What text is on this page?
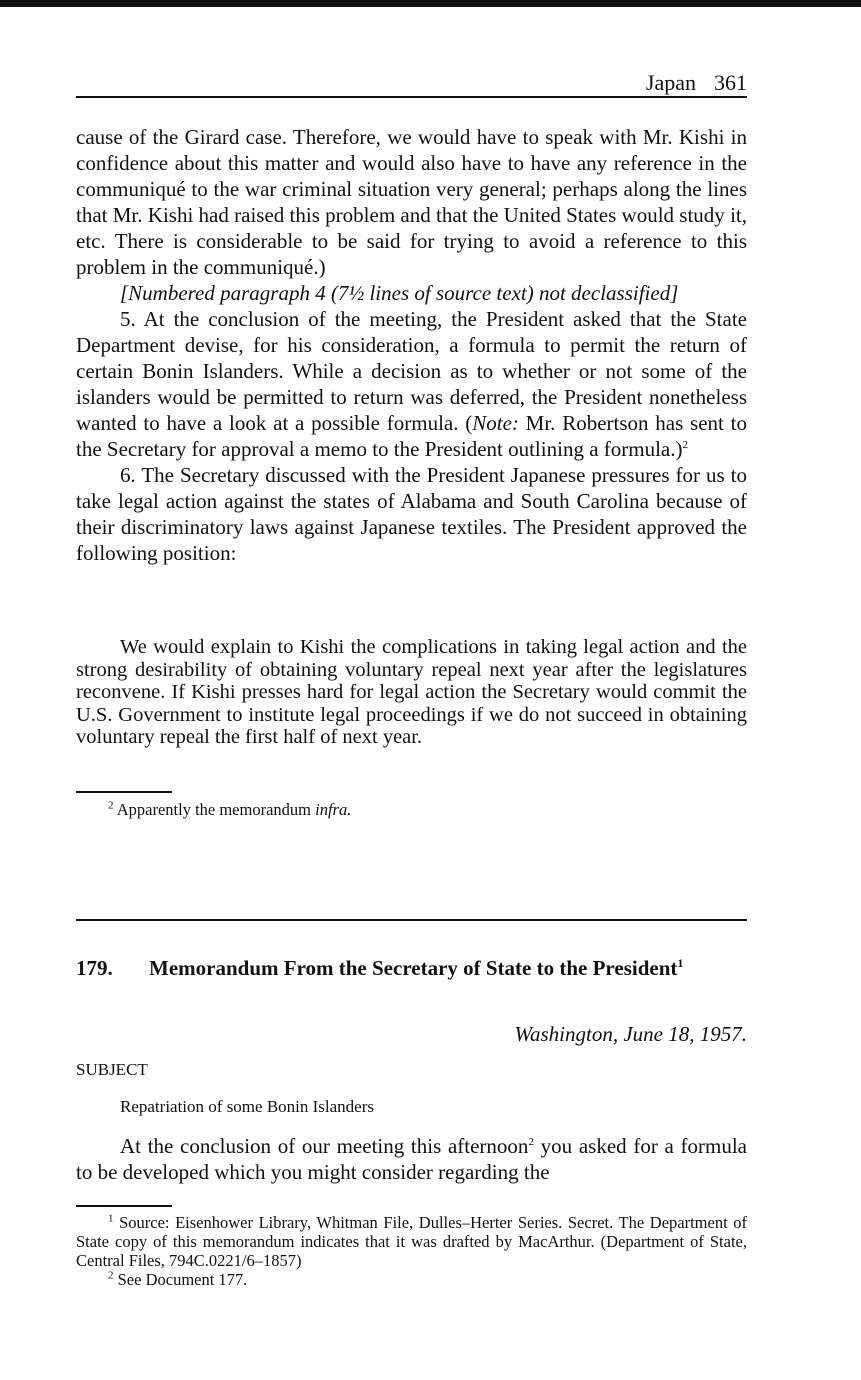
Japan 361

cause of the Girard case. Therefore, we would have to speak with Mr. Kishi in confidence about this matter and would also have to have any reference in the communiqué to the war criminal situation very general; perhaps along the lines that Mr. Kishi had raised this problem and that the United States would study it, etc. There is considerable to be said for trying to avoid a reference to this problem in the communiqué.)

[Numbered paragraph 4 (7½ lines of source text) not declassified]

5. At the conclusion of the meeting, the President asked that the State Department devise, for his consideration, a formula to permit the return of certain Bonin Islanders. While a decision as to whether or not some of the islanders would be permitted to return was deferred, the President nonetheless wanted to have a look at a possible formula. (Note: Mr. Robertson has sent to the Secretary for approval a memo to the President outlining a formula.)$^2$

6. The Secretary discussed with the President Japanese pressures for us to take legal action against the states of Alabama and South Carolina because of their discriminatory laws against Japanese textiles. The President approved the following position:

We would explain to Kishi the complications in taking legal action and the strong desirability of obtaining voluntary repeal next year after the legislatures reconvene. If Kishi presses hard for legal action the Secretary would commit the U.S. Government to institute legal proceedings if we do not succeed in obtaining voluntary repeal the first half of next year.

$^2$ Apparently the memorandum infra.

179. Memorandum From the Secretary of State to the President$^1$
Washington, June 18, 1957.
SUBJECT
Repatriation of some Bonin Islanders

At the conclusion of our meeting this afternoon$^2$ you asked for a formula to be developed which you might consider regarding the

$^1$ Source: Eisenhower Library, Whitman File, Dulles–Herter Series. Secret. The Department of State copy of this memorandum indicates that it was drafted by MacArthur. (Department of State, Central Files, 794C.0221/6–1857)

$^2$ See Document 177.
